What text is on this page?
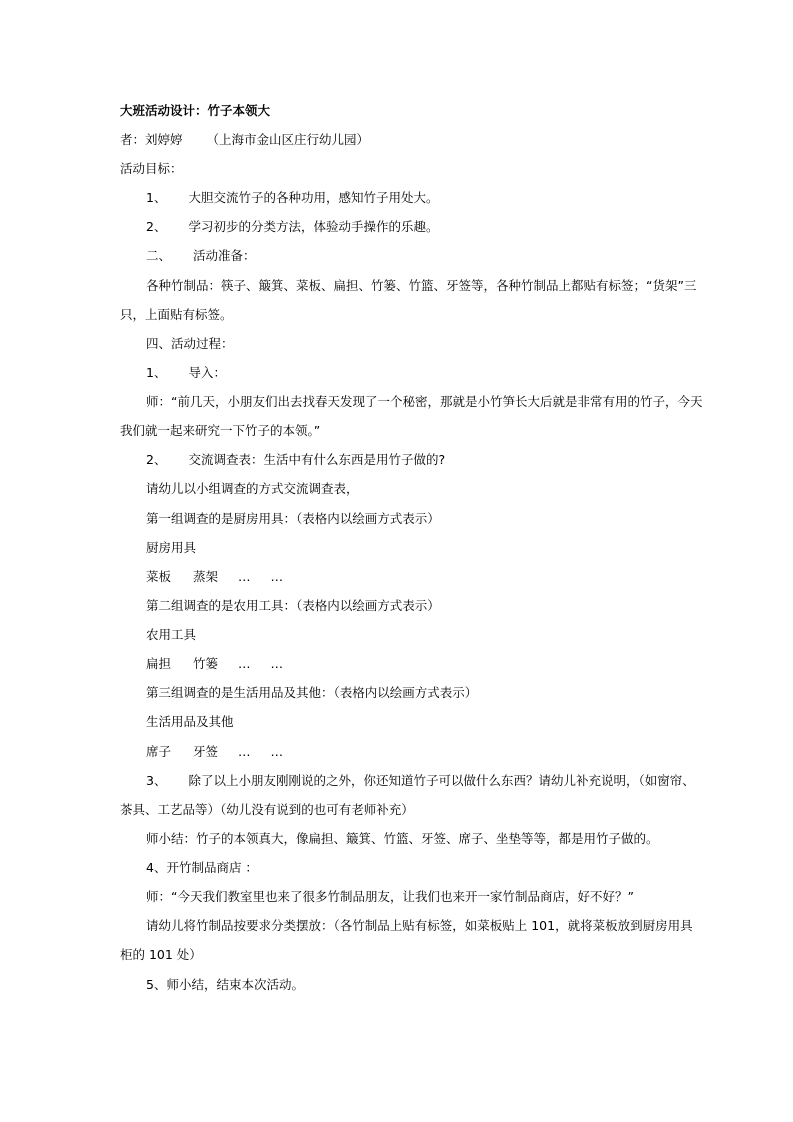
大班活动设计：竹子本领大

者：刘婷婷 （上海市金山区庄行幼儿园）

活动目标：

1、 大胆交流竹子的各种功用，感知竹子用处大。

2、 学习初步的分类方法，体验动手操作的乐趣。

二、 活动准备：

各种竹制品：筷子、簸箕、菜板、扁担、竹篓、竹篮、牙签等，各种竹制品上都贴有标签；“货架”三

只，上面贴有标签。

四、活动过程：

1、 导入：

师：“前几天，小朋友们出去找春天发现了一个秘密，那就是小竹笋长大后就是非常有用的竹子，今天

我们就一起来研究一下竹子的本领。”

2、 交流调查表：生活中有什么东西是用竹子做的?

请幼儿以小组调查的方式交流调查表，

第一组调查的是厨房用具：（表格内以绘画方式表示）

厨房用具

菜板 蒸架 … …

第二组调查的是农用工具：（表格内以绘画方式表示）

农用工具

扁担 竹篓 … …

第三组调查的是生活用品及其他：（表格内以绘画方式表示）

生活用品及其他

席子 牙签 … …

3、 除了以上小朋友刚刚说的之外，你还知道竹子可以做什么东西？请幼儿补充说明，（如窗帘、

茶具、工艺品等）（幼儿没有说到的也可有老师补充）

师小结：竹子的本领真大，像扁担、簸箕、竹篮、牙签、席子、坐垫等等，都是用竹子做的。

4、开竹制品商店 ：

师：“今天我们教室里也来了很多竹制品朋友，让我们也来开一家竹制品商店，好不好？”

请幼儿将竹制品按要求分类摆放：（各竹制品上贴有标签，如菜板贴上 101，就将菜板放到厨房用具

柜的 101 处）

5、师小结，结束本次活动。
